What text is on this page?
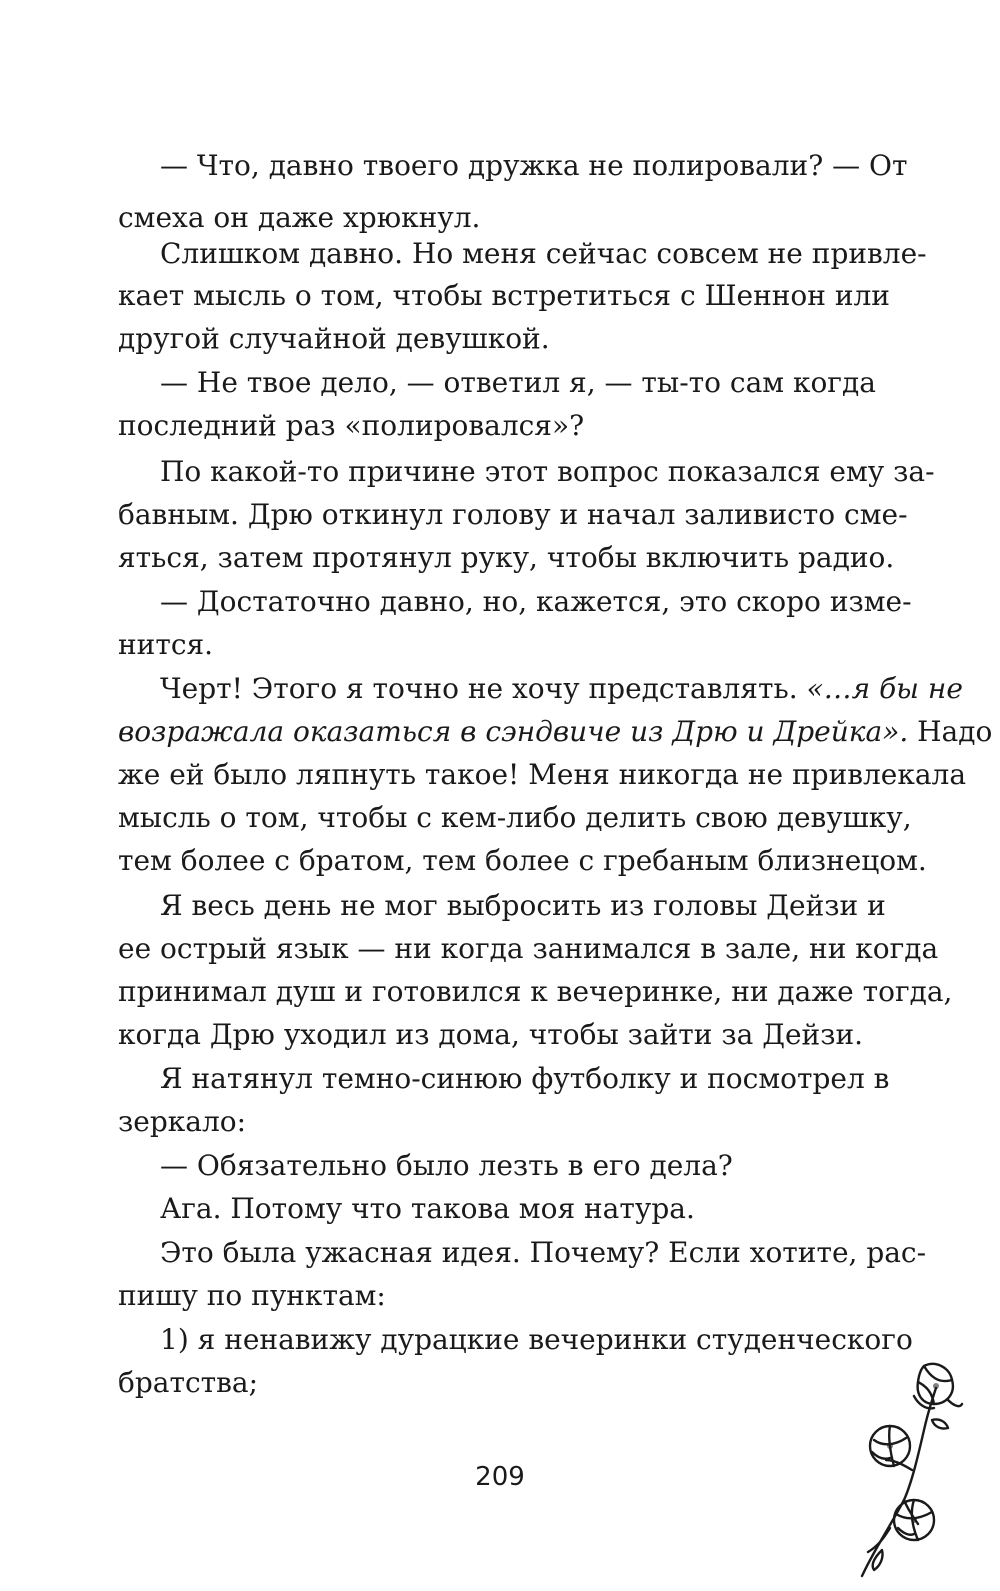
— Что, давно твоего дружка не полировали? — От
смеха он даже хрюкнул.
Слишком давно. Но меня сейчас совсем не привле-
кает мысль о том, чтобы встретиться с Шеннон или
другой случайной девушкой.
— Не твое дело, — ответил я, — ты-то сам когда
последний раз «полировался»?
По какой-то причине этот вопрос показался ему за-
бавным. Дрю откинул голову и начал заливисто сме-
яться, затем протянул руку, чтобы включить радио.
— Достаточно давно, но, кажется, это скоро изме-
нится.
Черт! Этого я точно не хочу представлять. «…я бы не
возражала оказаться в сэндвиче из Дрю и Дрейка». Надо
же ей было ляпнуть такое! Меня никогда не привлекала
мысль о том, чтобы с кем-либо делить свою девушку,
тем более с братом, тем более с гребаным близнецом.
Я весь день не мог выбросить из головы Дейзи и
ее острый язык — ни когда занимался в зале, ни когда
принимал душ и готовился к вечеринке, ни даже тогда,
когда Дрю уходил из дома, чтобы зайти за Дейзи.
Я натянул темно-синюю футболку и посмотрел в
зеркало:
— Обязательно было лезть в его дела?
Ага. Потому что такова моя натура.
Это была ужасная идея. Почему? Если хотите, рас-
пишу по пунктам:
1) я ненавижу дурацкие вечеринки студенческого
братства;
209
